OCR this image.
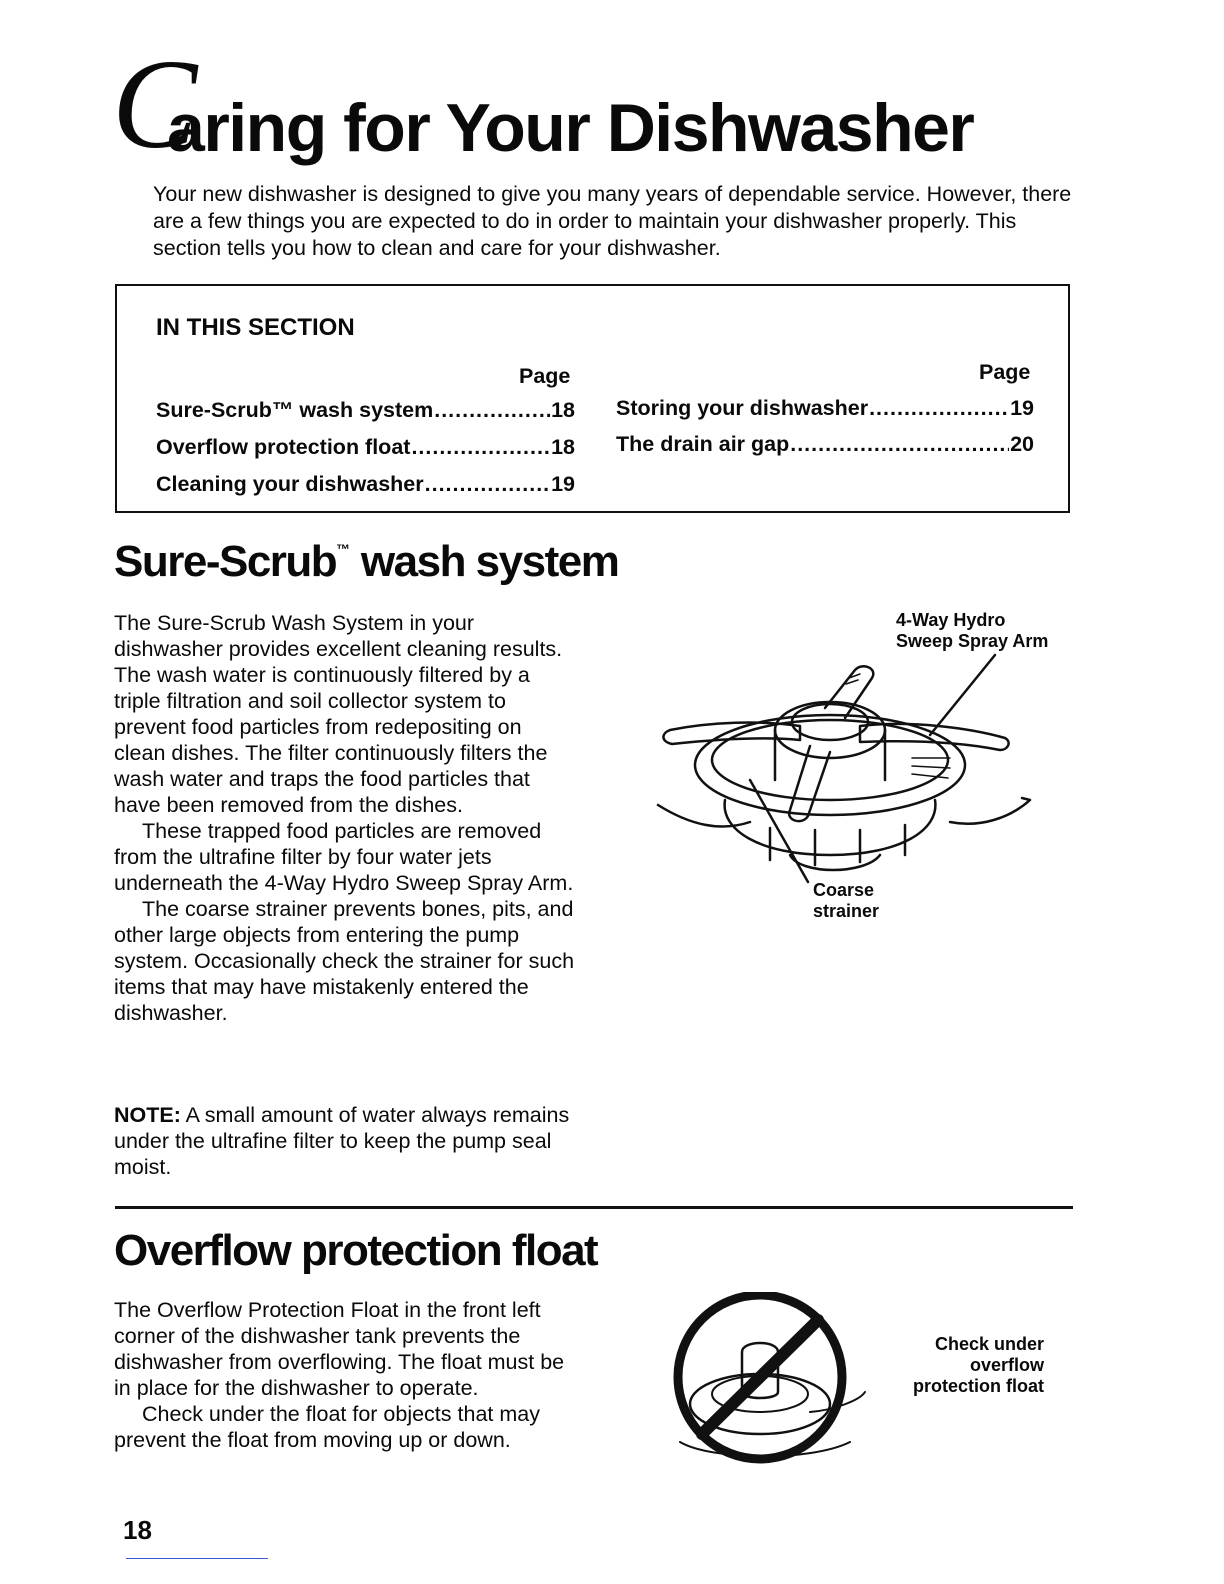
C
aring for Your Dishwasher
Your new dishwasher is designed to give you many years of dependable service. However, there are a few things you are expected to do in order to maintain your dishwasher properly. This section tells you how to clean and care for your dishwasher.
IN THIS SECTION
Page	Page
Sure-Scrub™ wash system .....	18
Overflow protection float .....	18
Cleaning your dishwasher .....	19
Storing your dishwasher .....	19
The drain air gap .....	20
Sure-Scrub™ wash system

The Sure-Scrub Wash System in your dishwasher provides excellent cleaning results. The wash water is continuously filtered by a triple filtration and soil collector system to prevent food particles from redepositing on clean dishes. The filter continuously filters the wash water and traps the food particles that have been removed from the dishes.

These trapped food particles are removed from the ultrafine filter by four water jets underneath the 4-Way Hydro Sweep Spray Arm.

The coarse strainer prevents bones, pits, and other large objects from entering the pump system. Occasionally check the strainer for such items that may have mistakenly entered the dishwasher.

NOTE: A small amount of water always remains under the ultrafine filter to keep the pump seal moist.
4-Way Hydro
Sweep Spray Arm
Coarse
strainer
Overflow protection float

The Overflow Protection Float in the front left corner of the dishwasher tank prevents the dishwasher from overflowing. The float must be in place for the dishwasher to operate.

Check under the float for objects that may prevent the float from moving up or down.

Check under
overflow
protection float
18
